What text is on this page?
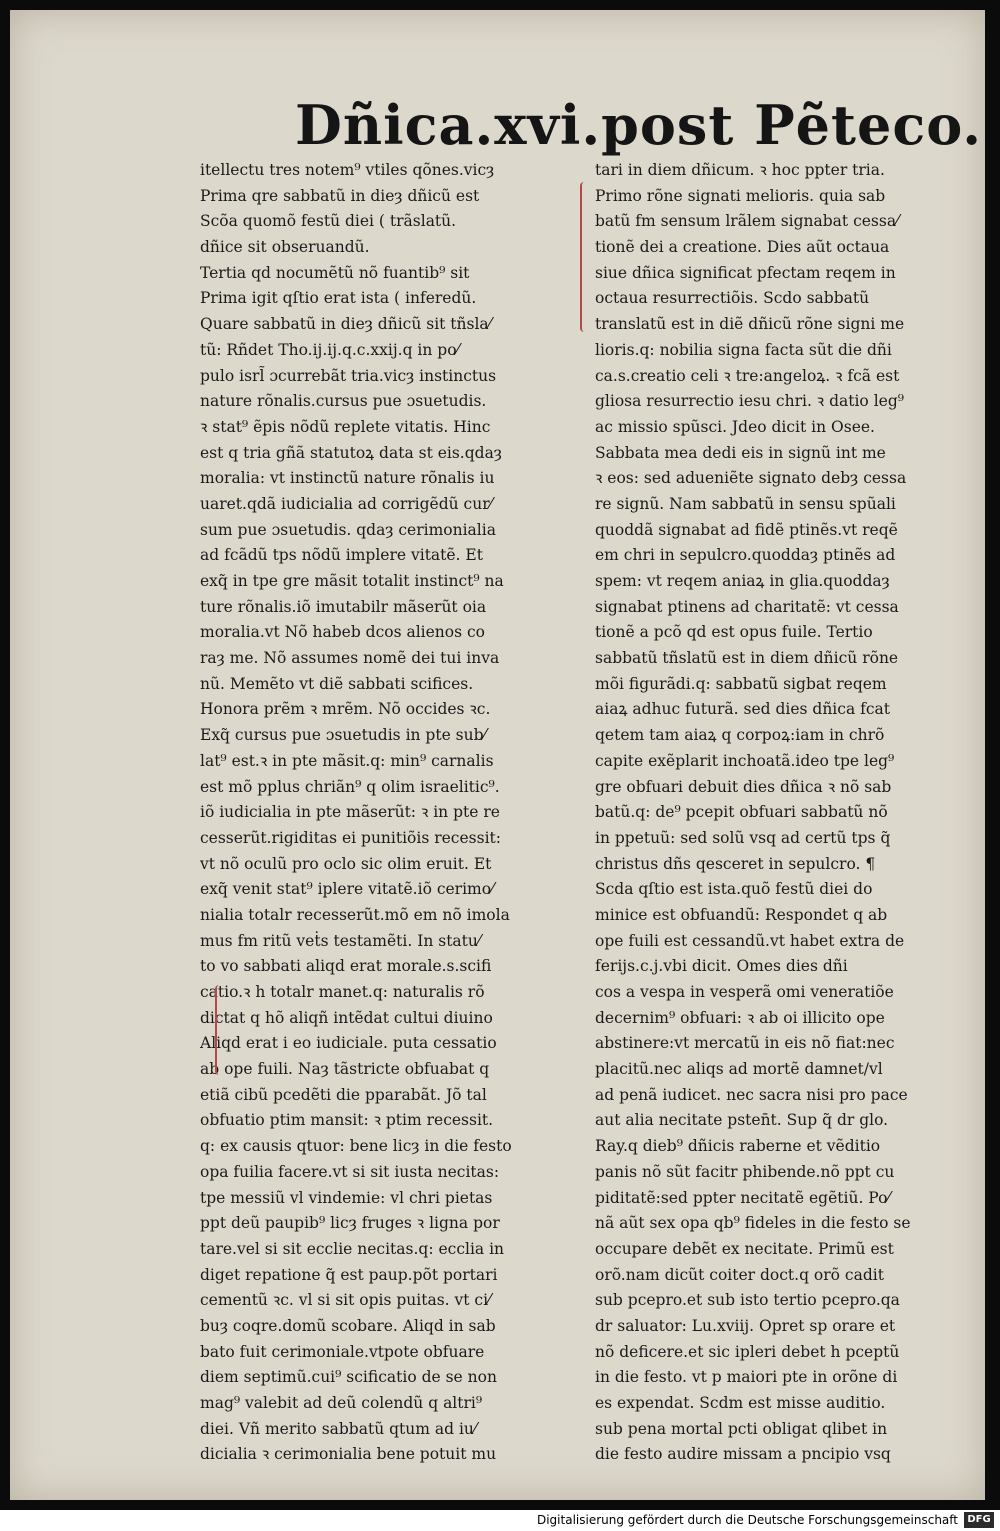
Dñica.xvi.post Pẽteco.
itellectu tres notem⁹ vtiles qõnes.vicȝ
Prima qre sabbatũ in dieȝ dñicũ est
Scõa quomõ festũ diei ( trãslatũ.
dñice sit obseruandũ.
Tertia qd nocumẽtũ nõ fuantib⁹ sit
Prima igit qſtio erat ista ( inferedũ.
Quare sabbatũ in dieȝ dñicũ sit tñsla⁄
tũ: Rñdet Tho.ij.ij.q.c.xxij.q in po⁄
pulo isrl̃ ɔcurrebãt tria.vicȝ instinctus
nature rõnalis.cursus pue ɔsuetudis.
ꝛ stat⁹ ẽpis nõdũ replete vitatis. Hinc
est q tria gñã statutoꝝ data st eis.qdaȝ
moralia: vt instinctũ nature rõnalis iu
uaret.qdã iudicialia ad corrigẽdũ cur⁄
sum pue ɔsuetudis. qdaȝ cerimonialia
ad fcãdũ tps nõdũ implere vitatẽ. Et
exq̃ in tpe gre mãsit totalit instinct⁹ na
ture rõnalis.iõ imutabilr mãserũt oia
moralia.vt Nõ habeb dcos alienos co
raȝ me. Nõ assumes nomẽ dei tui inva
nũ. Memẽto vt diẽ sabbati scifices.
Honora prẽm ꝛ mrẽm. Nõ occides ꝛc.
Exq̃ cursus pue ɔsuetudis in pte sub⁄
lat⁹ est.ꝛ in pte mãsit.q: min⁹ carnalis
est mõ pplus chriãn⁹ q olim israelitic⁹.
iõ iudicialia in pte mãserũt: ꝛ in pte re
cesserũt.rigiditas ei punitiõis recessit:
vt nõ oculũ pro oclo sic olim eruit. Et
exq̃ venit stat⁹ iplere vitatẽ.iõ cerimo⁄
nialia totalr recesserũt.mõ em nõ imola
mus fm ritũ veṫs testamẽti. In statu⁄
to vo sabbati aliqd erat morale.s.scifi
catio.ꝛ h totalr manet.q: naturalis rõ
dictat q hõ aliqñ intẽdat cultui diuino
Aliqd erat i eo iudiciale. puta cessatio
ab ope fuili. Naȝ tãstricte obfuabat q
etiã cibũ pcedẽti die pparabãt. Jõ tal
obfuatio ptim mansit: ꝛ ptim recessit.
q: ex causis qtuor: bene licȝ in die festo
opa fuilia facere.vt si sit iusta necitas:
tpe messiũ vl vindemie: vl chri pietas
ppt deũ paupib⁹ licȝ fruges ꝛ ligna por
tare.vel si sit ecclie necitas.q: ecclia in
diget repatione q̃ est paup.põt portari
cementũ ꝛc. vl si sit opis puitas. vt ci⁄
buȝ coqre.domũ scobare. Aliqd in sab
bato fuit cerimoniale.vtpote obfuare
diem septimũ.cui⁹ scificatio de se non
mag⁹ valebit ad deũ colendũ q altri⁹
diei. Vñ merito sabbatũ qtum ad iu⁄
dicialia ꝛ cerimonialia bene potuit mu
tari in diem dñicum. ꝛ hoc ppter tria.
Primo rõne signati melioris. quia sab
batũ fm sensum lrãlem signabat cessa⁄
tionẽ dei a creatione. Dies aũt octaua
siue dñica significat pfectam reqem in
octaua resurrectiõis. Scdo sabbatũ
translatũ est in diẽ dñicũ rõne signi me
lioris.q: nobilia signa facta sũt die dñi
ca.s.creatio celi ꝛ tre:angeloꝝ. ꝛ fcã est
gliosa resurrectio iesu chri. ꝛ datio leg⁹
ac missio spũsci. Jdeo dicit in Osee.
Sabbata mea dedi eis in signũ int me
ꝛ eos: sed adueniẽte signato debȝ cessa
re signũ. Nam sabbatũ in sensu spũali
quoddã signabat ad fidẽ ptinẽs.vt reqẽ
em chri in sepulcro.quoddaȝ ptinẽs ad
spem: vt reqem aniaꝝ in glia.quoddaȝ
signabat ptinens ad charitatẽ: vt cessa
tionẽ a pcõ qd est opus fuile. Tertio
sabbatũ tñslatũ est in diem dñicũ rõne
mõi figurãdi.q: sabbatũ sigbat reqem
aiaꝝ adhuc futurã. sed dies dñica fcat
qetem tam aiaꝝ q corpoꝝ:iam in chrõ
capite exẽplarit inchoatã.ideo tpe leg⁹
gre obfuari debuit dies dñica ꝛ nõ sab
batũ.q: de⁹ pcepit obfuari sabbatũ nõ
in ppetuũ: sed solũ vsq ad certũ tps q̃
christus dñs qesceret in sepulcro. ¶
Scda qſtio est ista.quõ festũ diei do
minice est obfuandũ: Respondet q ab
ope fuili est cessandũ.vt habet extra de
ferijs.c.j.vbi dicit. Omes dies dñi
cos a vespa in vesperã omi veneratiõe
decernim⁹ obfuari: ꝛ ab oi illicito ope
abstinere:vt mercatũ in eis nõ fiat:nec
placitũ.nec aliqs ad mortẽ damnet/vl
ad penã iudicet. nec sacra nisi pro pace
aut alia necitate psten̄t. Sup q̃ dr glo.
Ray.q dieb⁹ dñicis raberne et vẽditio
panis nõ sũt facitr phibende.nõ ppt cu
piditatẽ:sed ppter necitatẽ egẽtiũ. Po⁄
nã aũt sex opa qb⁹ fideles in die festo se
occupare debẽt ex necitate. Primũ est
orõ.nam dicũt coiter doct.q orõ cadit
sub pcepro.et sub isto tertio pcepro.qa
dr saluator: Lu.xviij. Opret sp orare et
nõ deficere.et sic ipleri debet h pceptũ
in die festo. vt p maiori pte in orõne di
es expendat. Scdm est misse auditio.
sub pena mortal pcti obligat qlibet in
die festo audire missam a pncipio vsq
Digitalisierung gefördert durch die Deutsche Forschungsgemeinschaft DFG
